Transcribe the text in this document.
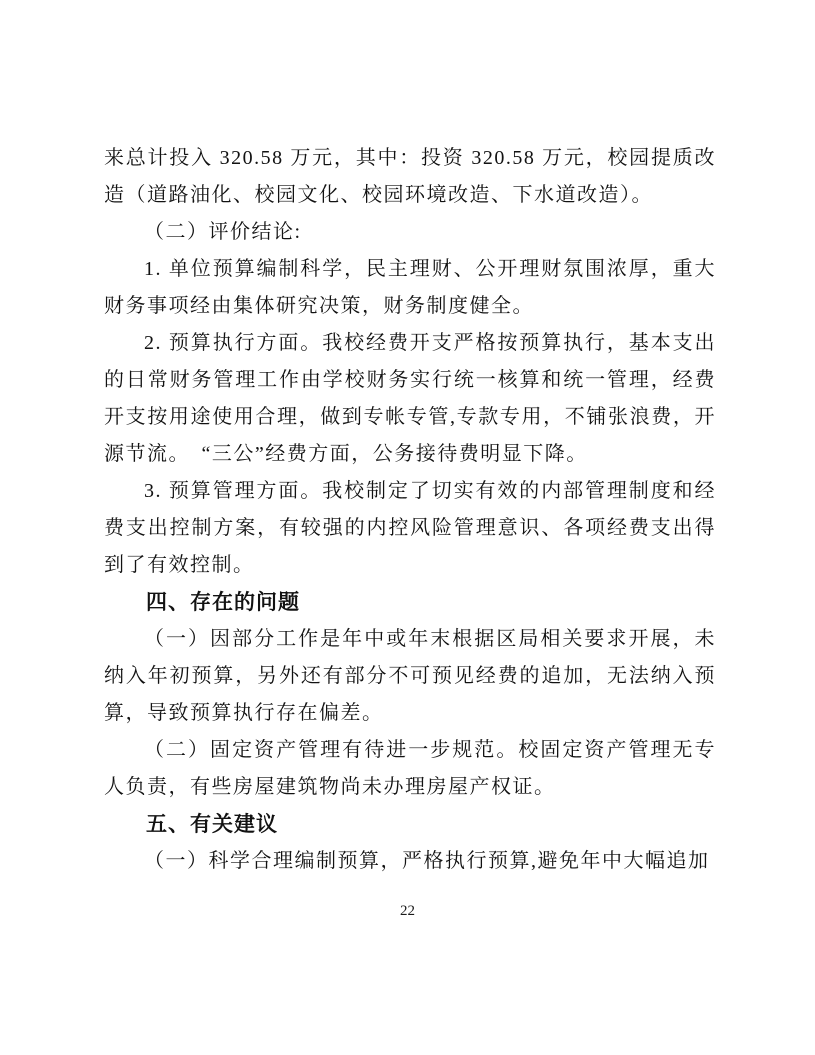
来总计投入 320.58 万元，其中：投资 320.58 万元，校园提质改造（道路油化、校园文化、校园环境改造、下水道改造）。

（二）评价结论:

1. 单位预算编制科学，民主理财、公开理财氛围浓厚，重大财务事项经由集体研究决策，财务制度健全。

2. 预算执行方面。我校经费开支严格按预算执行，基本支出的日常财务管理工作由学校财务实行统一核算和统一管理，经费开支按用途使用合理，做到专帐专管,专款专用，不铺张浪费，开源节流。　“三公”经费方面，公务接待费明显下降。

3. 预算管理方面。我校制定了切实有效的内部管理制度和经费支出控制方案，有较强的内控风险管理意识、各项经费支出得到了有效控制。

四、存在的问题

（一）因部分工作是年中或年末根据区局相关要求开展，未纳入年初预算，另外还有部分不可预见经费的追加，无法纳入预算，导致预算执行存在偏差。

（二）固定资产管理有待进一步规范。校固定资产管理无专人负责，有些房屋建筑物尚未办理房屋产权证。

五、有关建议

（一）科学合理编制预算，严格执行预算,避免年中大幅追加

22
